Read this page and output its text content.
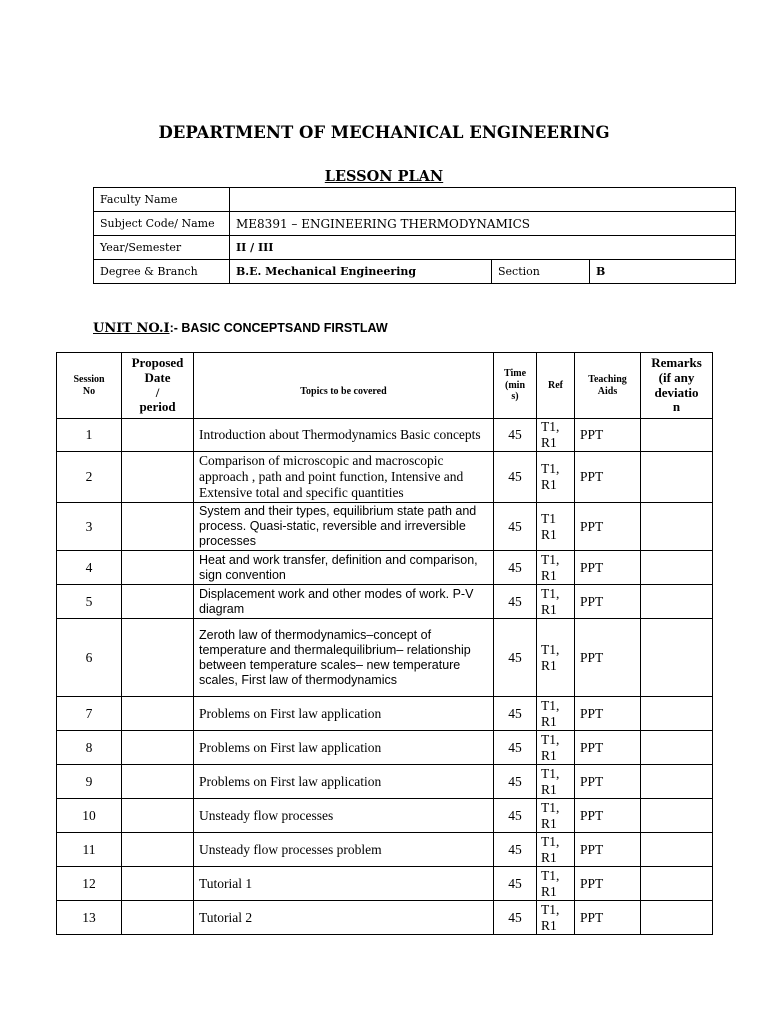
DEPARTMENT OF MECHANICAL ENGINEERING
LESSON PLAN
Faculty Name			
Subject Code/ Name	ME8391 – ENGINEERING THERMODYNAMICS		
Year/Semester	II / III		
Degree & Branch	B.E. Mechanical Engineering	Section	B
UNIT NO.I:- BASIC CONCEPTSAND FIRSTLAW
Session
No	Proposed
Date
/
period	Topics to be covered	Time
(min
s)	Ref	Teaching
Aids	Remarks
(if any
deviatio
n
1		Introduction about Thermodynamics Basic concepts	45	T1,
R1	PPT	
2		Comparison of microscopic and macroscopic approach , path and point function, Intensive and Extensive total and specific quantities	45	T1,
R1	PPT	
3		System and their types, equilibrium state path and process. Quasi-static, reversible and irreversible processes	45	T1
R1	PPT	
4		Heat and work transfer, definition and comparison, sign convention	45	T1,
R1	PPT	
5		Displacement work and other modes of work. P-V diagram	45	T1,
R1	PPT	
6		Zeroth law of thermodynamics–concept of temperature and thermalequilibrium– relationship between temperature scales– new temperature scales, First law of thermodynamics	45	T1,
R1	PPT	
7		Problems on First law application	45	T1,
R1	PPT	
8		Problems on First law application	45	T1,
R1	PPT	
9		Problems on First law application	45	T1,
R1	PPT	
10		Unsteady flow processes	45	T1,
R1	PPT	
11		Unsteady flow processes problem	45	T1,
R1	PPT	
12		Tutorial 1	45	T1,
R1	PPT	
13		Tutorial 2	45	T1,
R1	PPT	
